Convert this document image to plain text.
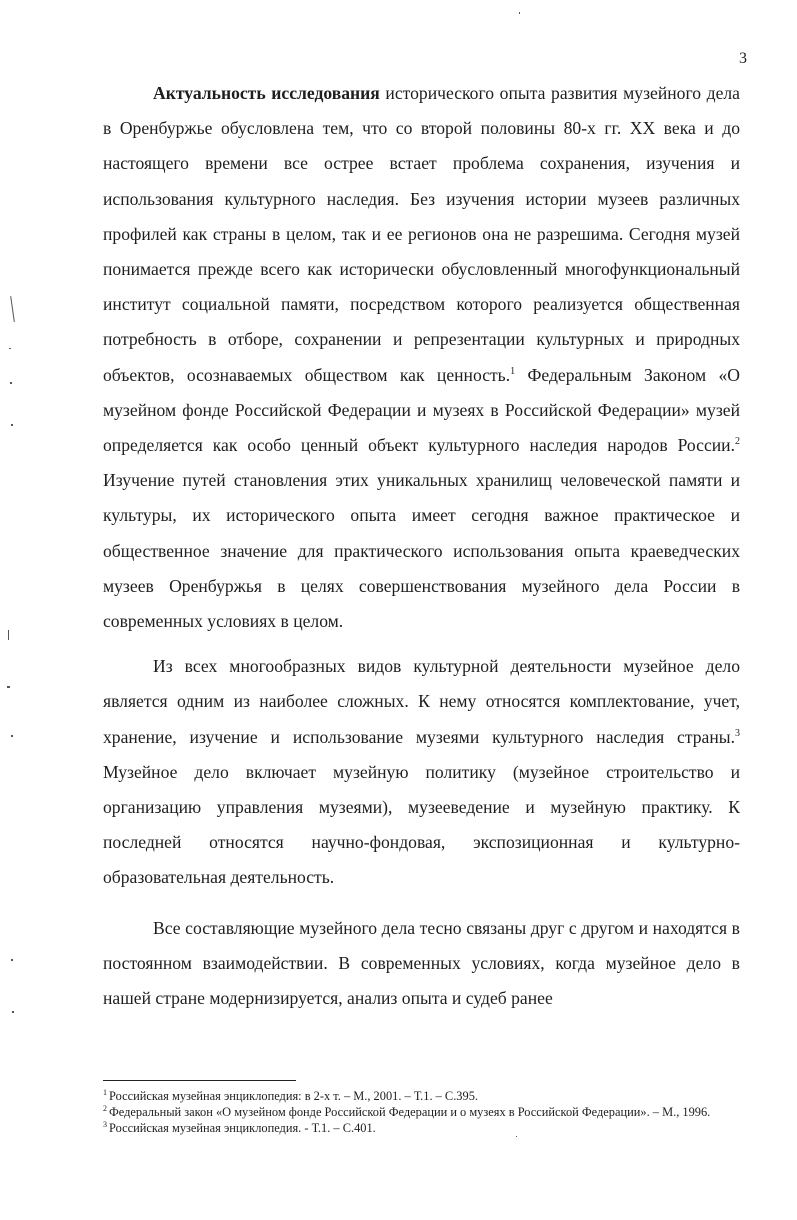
3

Актуальность исследования исторического опыта развития музейного дела в Оренбуржье обусловлена тем, что со второй половины 80-х гг. XX века и до настоящего времени все острее встает проблема сохранения, изучения и использования культурного наследия. Без изучения истории музеев различных профилей как страны в целом, так и ее регионов она не разрешима. Сегодня музей понимается прежде всего как исторически обусловленный многофункциональный институт социальной памяти, посредством которого реализуется общественная потребность в отборе, сохранении и репрезентации культурных и природных объектов, осознаваемых обществом как ценность.$^1$ Федеральным Законом «О музейном фонде Российской Федерации и музеях в Российской Федерации» музей определяется как особо ценный объект культурного наследия народов России.$^2$ Изучение путей становления этих уникальных хранилищ человеческой памяти и культуры, их исторического опыта имеет сегодня важное практическое и общественное значение для практического использования опыта краеведческих музеев Оренбуржья в целях совершенствования музейного дела России в современных условиях в целом.

Из всех многообразных видов культурной деятельности музейное дело является одним из наиболее сложных. К нему относятся комплектование, учет, хранение, изучение и использование музеями культурного наследия страны.$^3$ Музейное дело включает музейную политику (музейное строительство и организацию управления музеями), музееведение и музейную практику. К последней относятся научно-фондовая, экспозиционная и культурно-образовательная деятельность.

Все составляющие музейного дела тесно связаны друг с другом и находятся в постоянном взаимодействии. В современных условиях, когда музейное дело в нашей стране модернизируется, анализ опыта и судеб ранее

$^1$ Российская музейная энциклопедия: в 2-х т. – М., 2001. – Т.1. – С.395.

$^2$ Федеральный закон «О музейном фонде Российской Федерации и о музеях в Российской Федерации». – М., 1996.

$^3$ Российская музейная энциклопедия. - Т.1. – С.401.
